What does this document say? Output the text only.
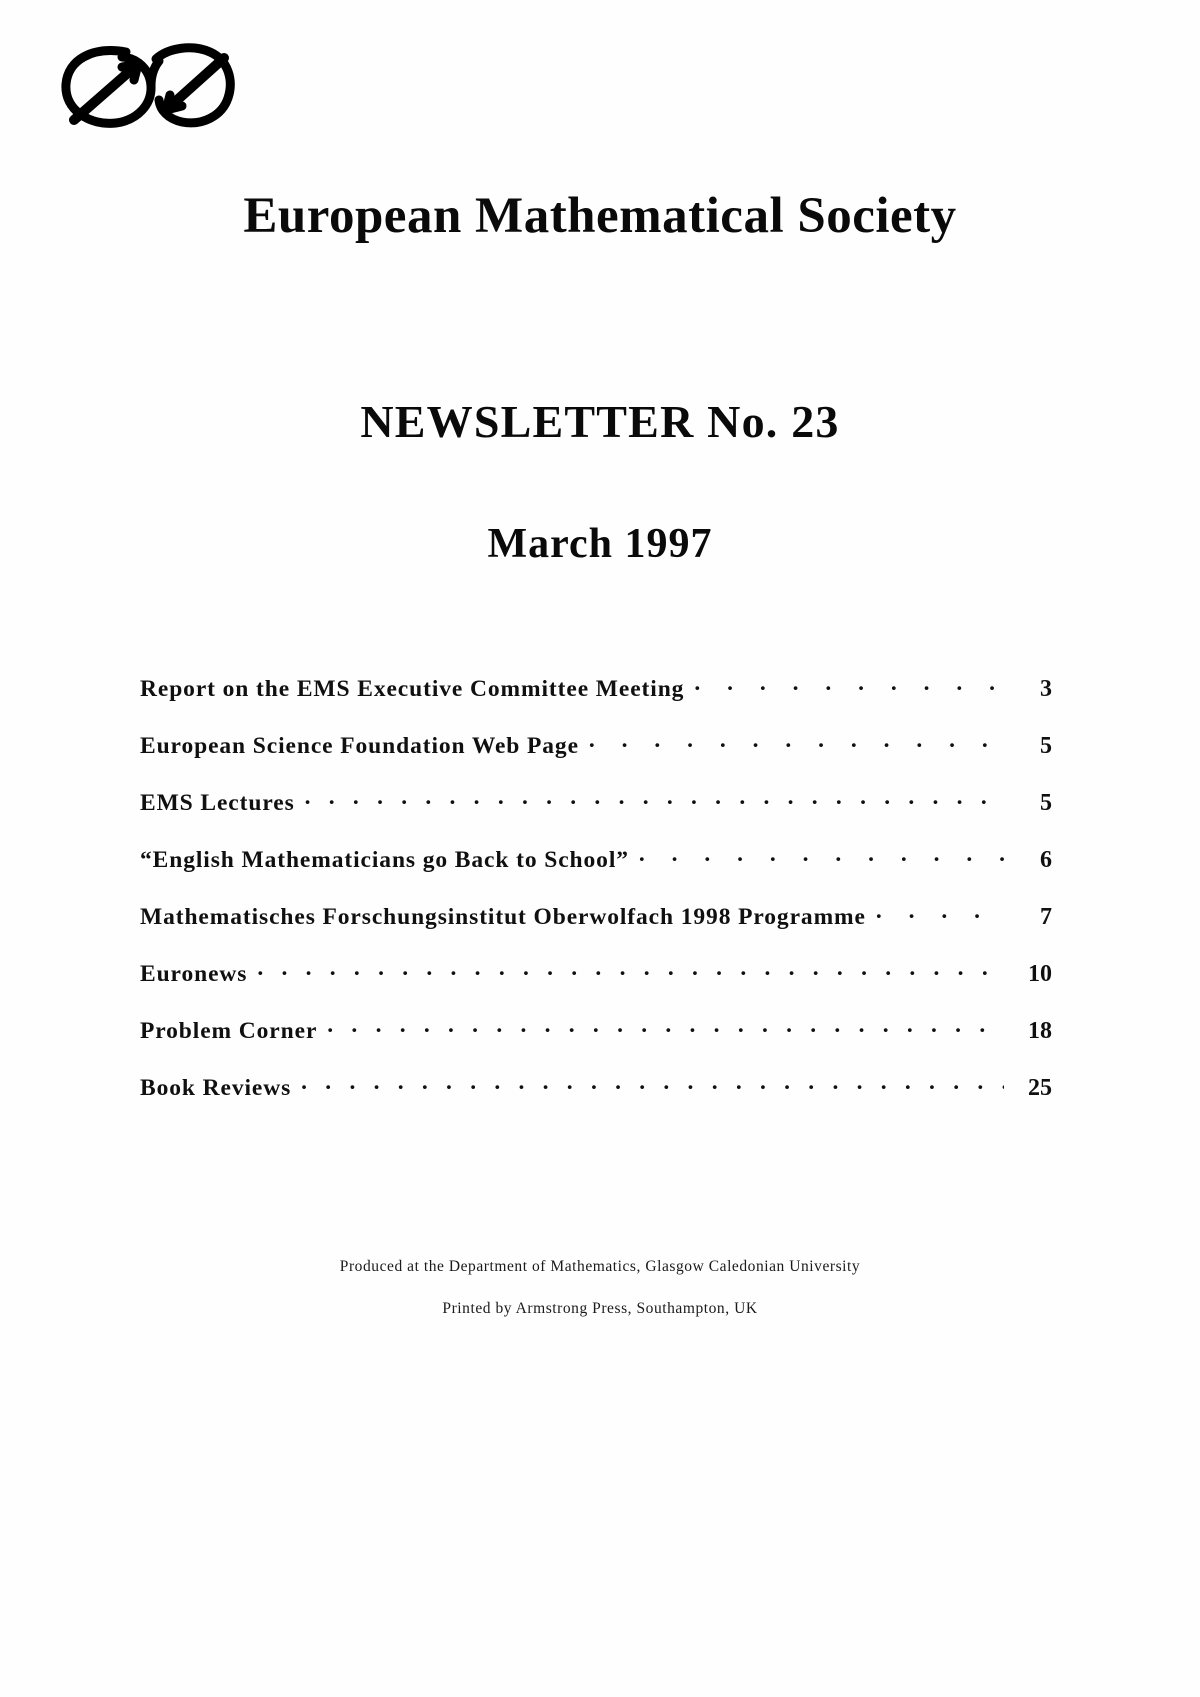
European Mathematical Society
NEWSLETTER No. 23
March 1997
Report on the EMS Executive Committee Meeting . . .	3
European Science Foundation Web Page . . .	5
EMS Lectures . . .	5
“English Mathematicians go Back to School” . . .	6
Mathematisches Forschungsinstitut Oberwolfach 1998 Programme . . .	7
Euronews . . .	10
Problem Corner . . .	18
Book Reviews . . .	25
Produced at the Department of Mathematics, Glasgow Caledonian University
Printed by Armstrong Press, Southampton, UK
